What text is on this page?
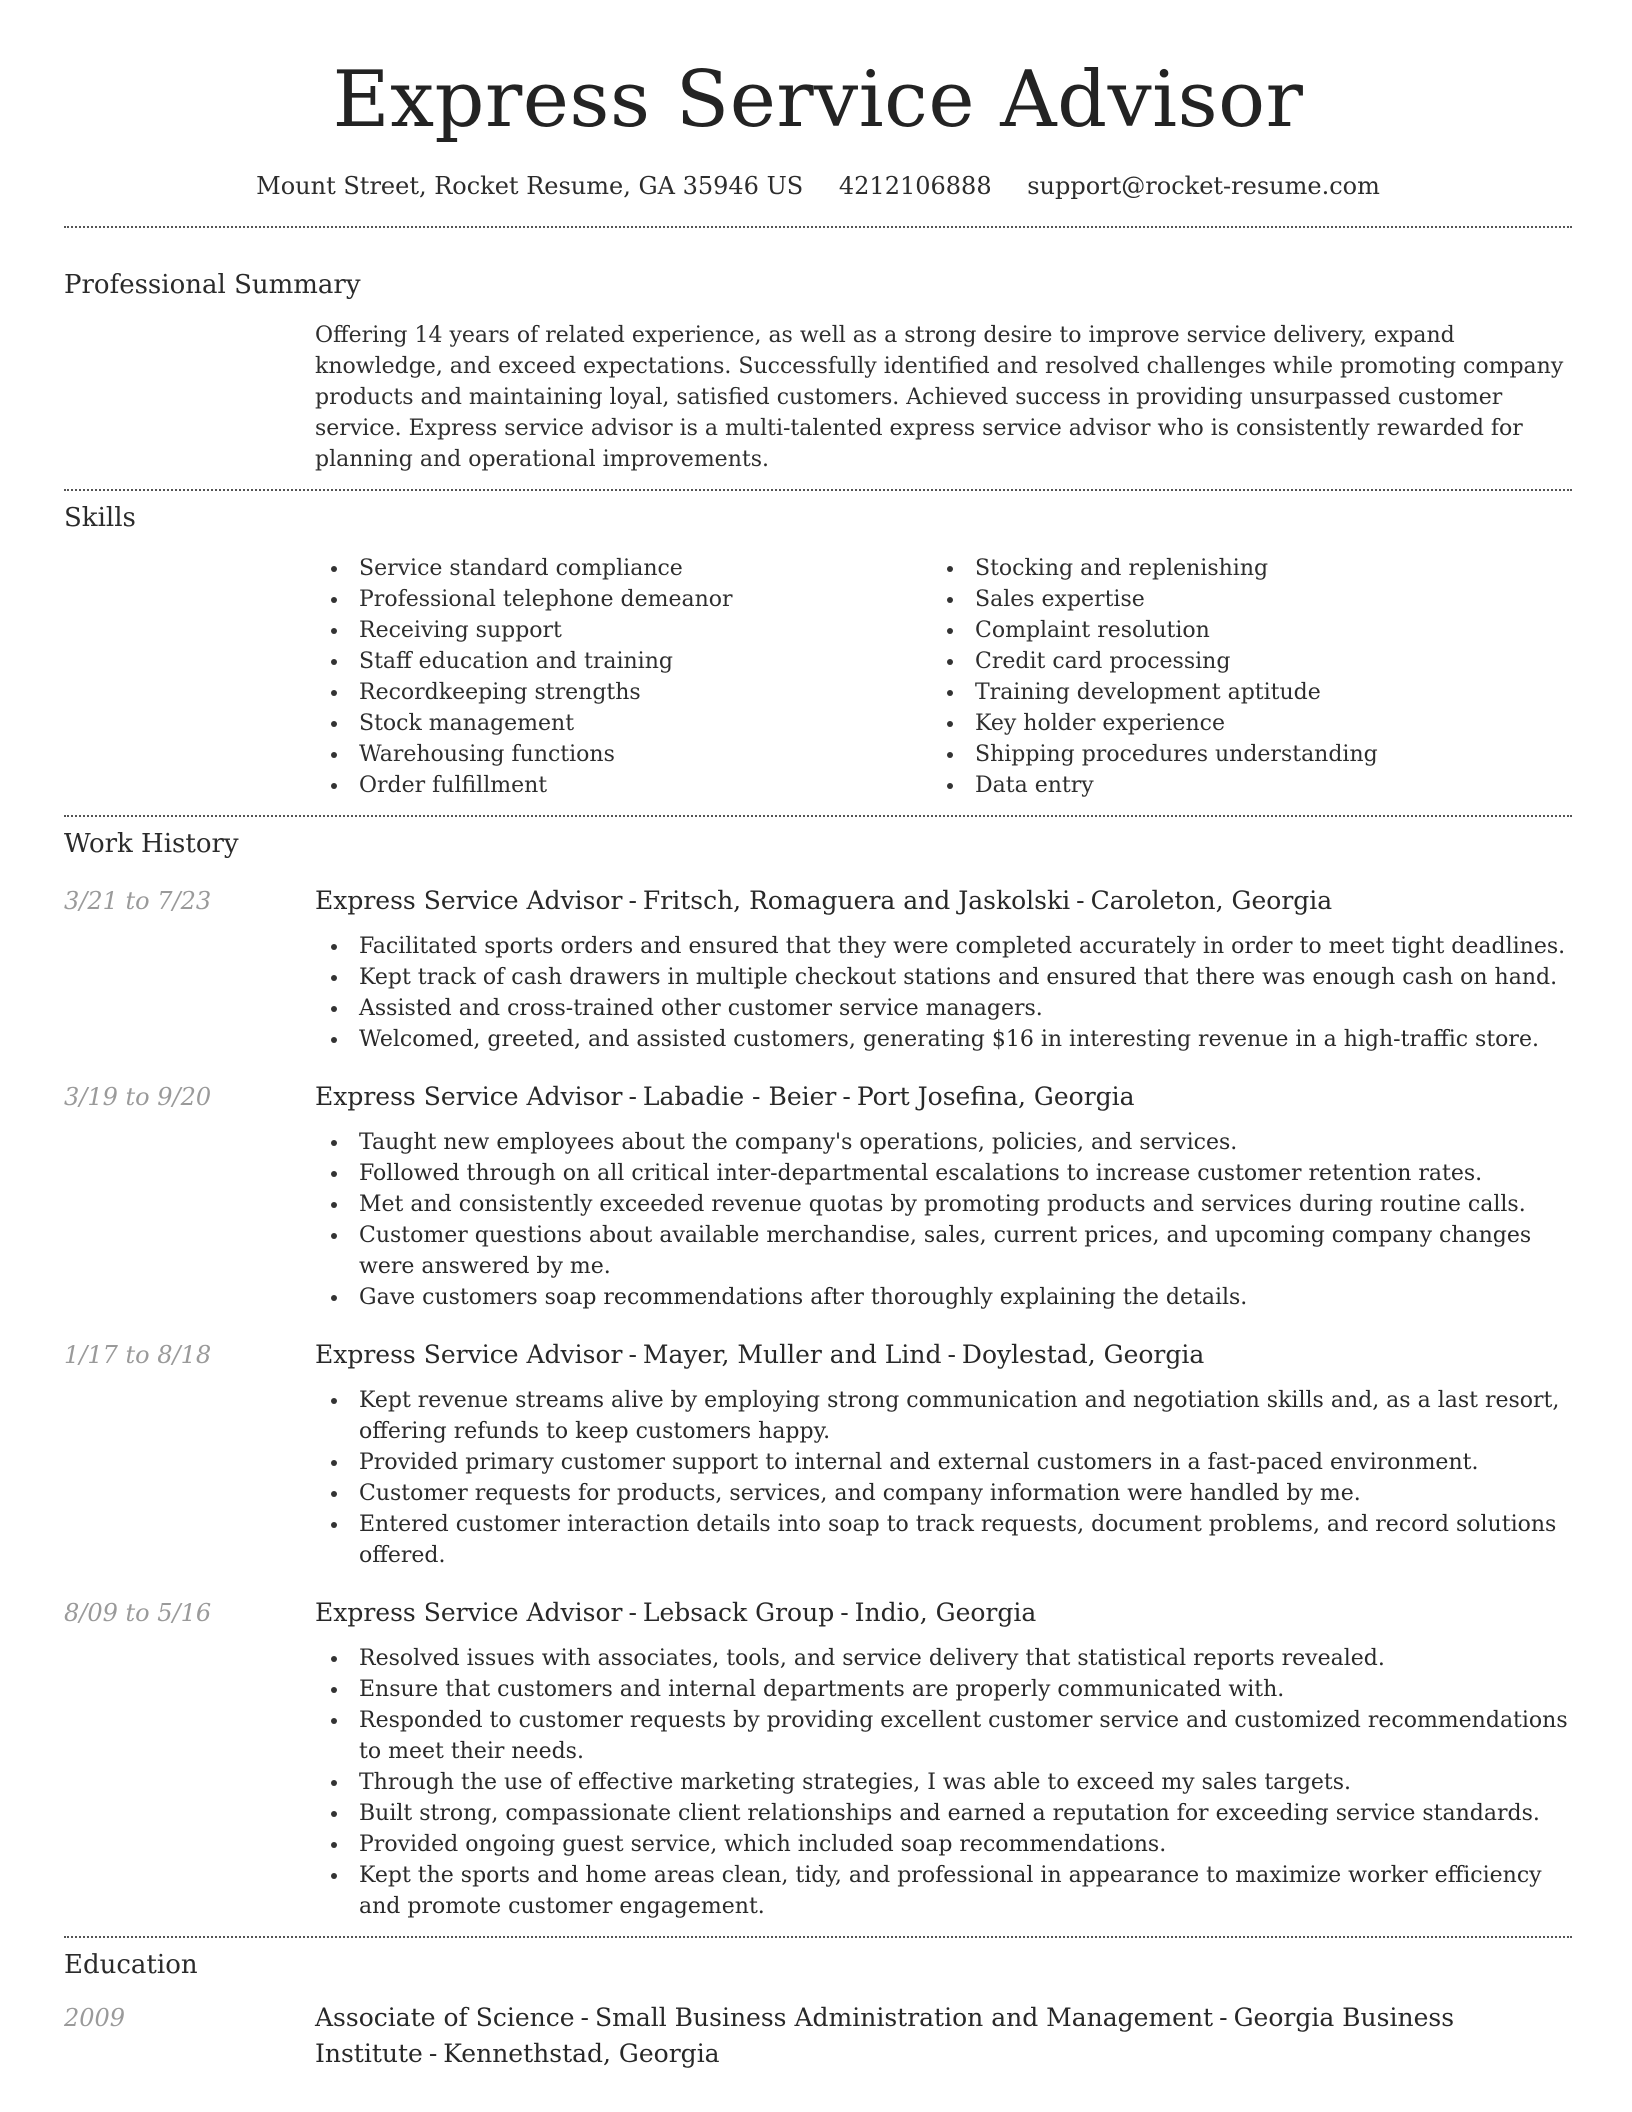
Express Service Advisor
Mount Street, Rocket Resume, GA 35946 US 4212106888 support@rocket-resume.com
Professional Summary

Offering 14 years of related experience, as well as a strong desire to improve service delivery, expand knowledge, and exceed expectations. Successfully identified and resolved challenges while promoting company products and maintaining loyal, satisfied customers. Achieved success in providing unsurpassed customer service. Express service advisor is a multi-talented express service advisor who is consistently rewarded for planning and operational improvements.

Skills
Service standard compliance
Professional telephone demeanor
Receiving support
Staff education and training
Recordkeeping strengths
Stock management
Warehousing functions
Order fulfillment
Stocking and replenishing
Sales expertise
Complaint resolution
Credit card processing
Training development aptitude
Key holder experience
Shipping procedures understanding
Data entry
Work History
3/21 to 7/23	Express Service Advisor - Fritsch, Romaguera and Jaskolski - Caroleton, Georgia
Facilitated sports orders and ensured that they were completed accurately in order to meet tight deadlines.
Kept track of cash drawers in multiple checkout stations and ensured that there was enough cash on hand.
Assisted and cross-trained other customer service managers.
Welcomed, greeted, and assisted customers, generating $16 in interesting revenue in a high-traffic store.
3/19 to 9/20	Express Service Advisor - Labadie - Beier - Port Josefina, Georgia
Taught new employees about the company's operations, policies, and services.
Followed through on all critical inter-departmental escalations to increase customer retention rates.
Met and consistently exceeded revenue quotas by promoting products and services during routine calls.
Customer questions about available merchandise, sales, current prices, and upcoming company changes were answered by me.
Gave customers soap recommendations after thoroughly explaining the details.
1/17 to 8/18	Express Service Advisor - Mayer, Muller and Lind - Doylestad, Georgia
Kept revenue streams alive by employing strong communication and negotiation skills and, as a last resort, offering refunds to keep customers happy.
Provided primary customer support to internal and external customers in a fast-paced environment.
Customer requests for products, services, and company information were handled by me.
Entered customer interaction details into soap to track requests, document problems, and record solutions offered.
8/09 to 5/16	Express Service Advisor - Lebsack Group - Indio, Georgia
Resolved issues with associates, tools, and service delivery that statistical reports revealed.
Ensure that customers and internal departments are properly communicated with.
Responded to customer requests by providing excellent customer service and customized recommendations to meet their needs.
Through the use of effective marketing strategies, I was able to exceed my sales targets.
Built strong, compassionate client relationships and earned a reputation for exceeding service standards.
Provided ongoing guest service, which included soap recommendations.
Kept the sports and home areas clean, tidy, and professional in appearance to maximize worker efficiency and promote customer engagement.
Education
2009	Associate of Science - Small Business Administration and Management - Georgia Business Institute - Kennethstad, Georgia
